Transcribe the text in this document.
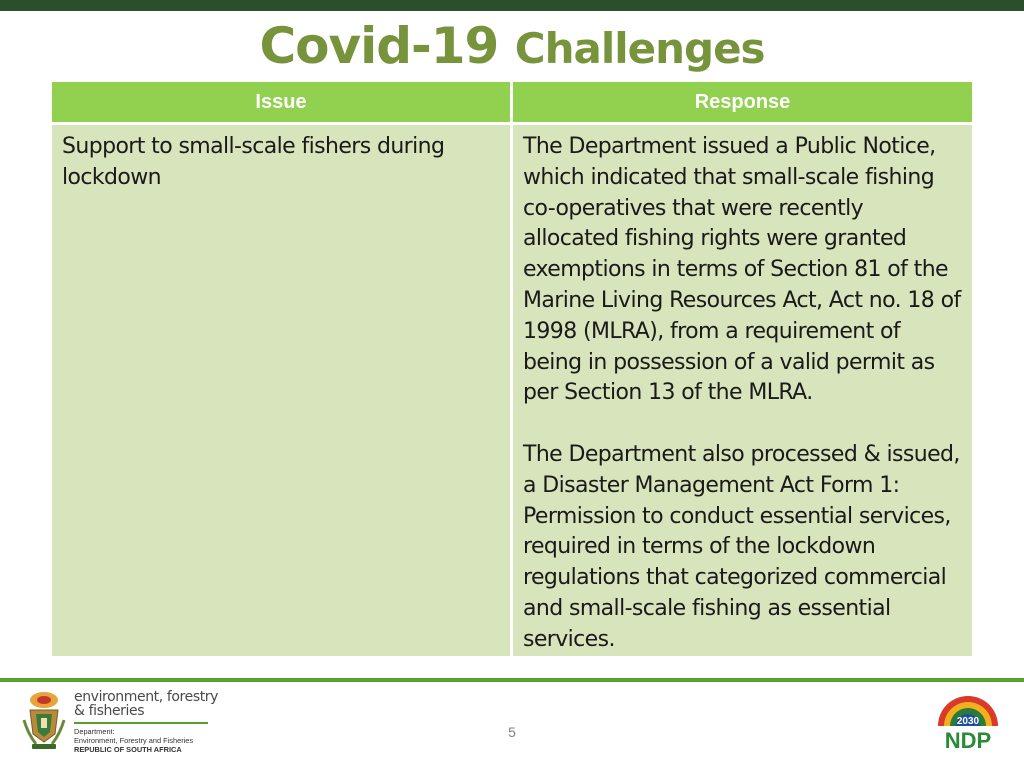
Covid-19 Challenges
Issue	Response

Support to small-scale fishers during lockdown

The Department issued a Public Notice, which indicated that small-scale fishing co-operatives that were recently allocated fishing rights were granted exemptions in terms of Section 81 of the Marine Living Resources Act, Act no. 18 of 1998 (MLRA), from a requirement of being in possession of a valid permit as per Section 13 of the MLRA.

The Department also processed & issued, a Disaster Management Act Form 1: Permission to conduct essential services, required in terms of the lockdown regulations that categorized commercial and small-scale fishing as essential services.

environment, forestry
& fisheries
Department:
Environment, Forestry and Fisheries
REPUBLIC OF SOUTH AFRICA
5
2030
NDP
